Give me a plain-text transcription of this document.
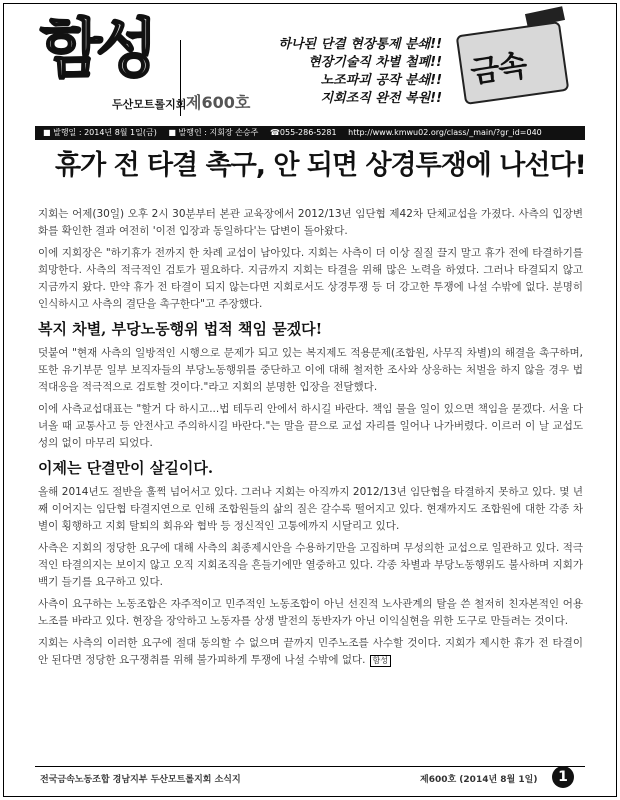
함성
두산모트롤지회 제600호
하나된 단결 현장통제 분쇄!!
현장기술직 차별 철폐!!
노조파괴 공작 분쇄!!
지회조직 완전 복원!!
금속
■ 발행일 : 2014년 8월 1일(금) ■ 발행인 : 지회장 손승주 ☎055-286-5281 http://www.kmwu02.org/class/_main/?gr_id=040
휴가 전 타결 촉구, 안 되면 상경투쟁에 나선다!

지회는 어제(30일) 오후 2시 30분부터 본관 교육장에서 2012/13년 임단협 제42차 단체교섭을 가졌다. 사측의 입장변화를 확인한 결과 여전히 '이전 입장과 동일하다'는 답변이 돌아왔다.

이에 지회장은 "하기휴가 전까지 한 차례 교섭이 남아있다. 지회는 사측이 더 이상 질질 끌지 말고 휴가 전에 타결하기를 희망한다. 사측의 적극적인 검토가 필요하다. 지금까지 지회는 타결을 위해 많은 노력을 하였다. 그러나 타결되지 않고 지금까지 왔다. 만약 휴가 전 타결이 되지 않는다면 지회로서도 상경투쟁 등 더 강고한 투쟁에 나설 수밖에 없다. 분명히 인식하시고 사측의 결단을 촉구한다"고 주장했다.

복지 차별, 부당노동행위 법적 책임 묻겠다!

덧붙여 "현재 사측의 일방적인 시행으로 문제가 되고 있는 복지제도 적용문제(조합원, 사무직 차별)의 해결을 촉구하며, 또한 유기부문 일부 보직자들의 부당노동행위를 중단하고 이에 대해 철저한 조사와 상응하는 처벌을 하지 않을 경우 법적대응을 적극적으로 검토할 것이다."라고 지회의 분명한 입장을 전달했다.

이에 사측교섭대표는 "할거 다 하시고...법 테두리 안에서 하시길 바란다. 책임 물을 일이 있으면 책임을 묻겠다. 서울 다녀올 때 교통사고 등 안전사고 주의하시길 바란다."는 말을 끝으로 교섭 자리를 일어나 나가버렸다. 이르러 이 날 교섭도 성의 없이 마무리 되었다.

이제는 단결만이 살길이다.

올해 2014년도 절반을 훌쩍 넘어서고 있다. 그러나 지회는 아직까지 2012/13년 임단협을 타결하지 못하고 있다. 몇 년째 이어지는 임단협 타결지연으로 인해 조합원들의 삶의 질은 갈수록 떨어지고 있다. 현재까지도 조합원에 대한 각종 차별이 횡행하고 지회 탈퇴의 회유와 협박 등 정신적인 고통에까지 시달리고 있다.

사측은 지회의 정당한 요구에 대해 사측의 최종제시안을 수용하기만을 고집하며 무성의한 교섭으로 일관하고 있다. 적극적인 타결의지는 보이지 않고 오직 지회조직을 흔들기에만 열중하고 있다. 각종 차별과 부당노동행위도 불사하며 지회가 백기 들기를 요구하고 있다.

사측이 요구하는 노동조합은 자주적이고 민주적인 노동조합이 아닌 선진적 노사관계의 탈을 쓴 철저히 친자본적인 어용노조를 바라고 있다. 현장을 장악하고 노동자를 상생 발전의 동반자가 아닌 이익실현을 위한 도구로 만들려는 것이다.

지회는 사측의 이러한 요구에 절대 동의할 수 없으며 끝까지 민주노조를 사수할 것이다. 지회가 제시한 휴가 전 타결이 안 된다면 정당한 요구쟁취를 위해 불가피하게 투쟁에 나설 수밖에 없다. 함성

전국금속노동조합 경남지부 두산모트롤지회 소식지	제600호 (2014년 8월 1일)	1
